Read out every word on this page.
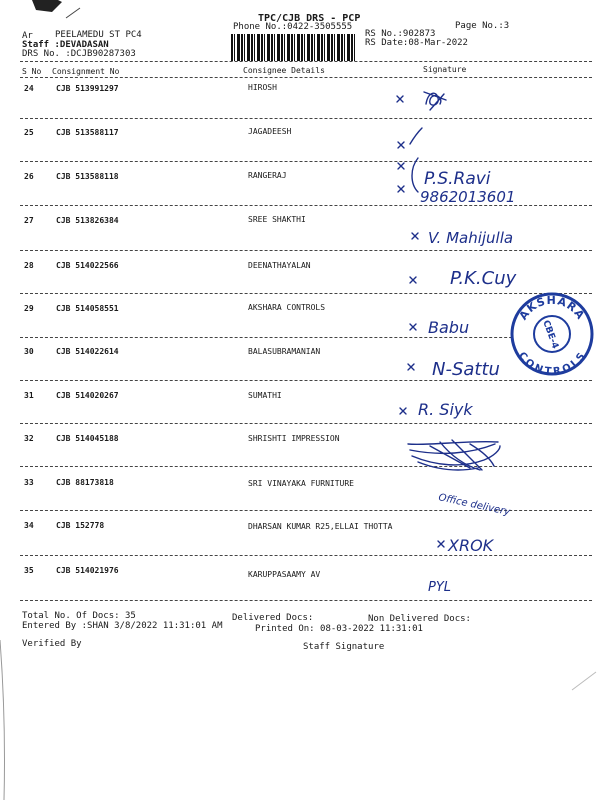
TPC/CJB DRS - PCP
Phone No.:0422-3505555	Page No.:3
Ar PEELAMEDU ST PC4
Staff :DEVADASAN
DRS No. :DCJB90287303
RS No.:902873
RS Date:08-Mar-2022
S No Consignment No	Consignee Details	Signature
24	CJB 513991297	HIROSH
25	CJB 513588117	JAGADEESH
26	CJB 513588118	RANGERAJ
27	CJB 513826384	SREE SHAKTHI
28	CJB 514022566	DEENATHAYALAN
29	CJB 514058551	AKSHARA CONTROLS
30	CJB 514022614	BALASUBRAMANIAN
31	CJB 514020267	SUMATHI
32	CJB 514045188	SHRISHTI IMPRESSION
33	CJB 88173818	SRI VINAYAKA FURNITURE
34	CJB 152778	DHARSAN KUMAR R25,ELLAI THOTTA
35	CJB 514021976	KARUPPASAAMY AV
P.S.Ravi
9862013601
V. Mahijulla
P.K.Cuy
Babu
N-Sattu
R. Siyk
Office delivery
XROK
PYL
AKSHARA
CONTROLS
CBE-4
Total No. Of Docs: 35	Delivered Docs:	Non Delivered Docs:
Entered By :SHAN 3/8/2022 11:31:01 AM	Printed On: 08-03-2022 11:31:01
Verified By	Staff Signature
